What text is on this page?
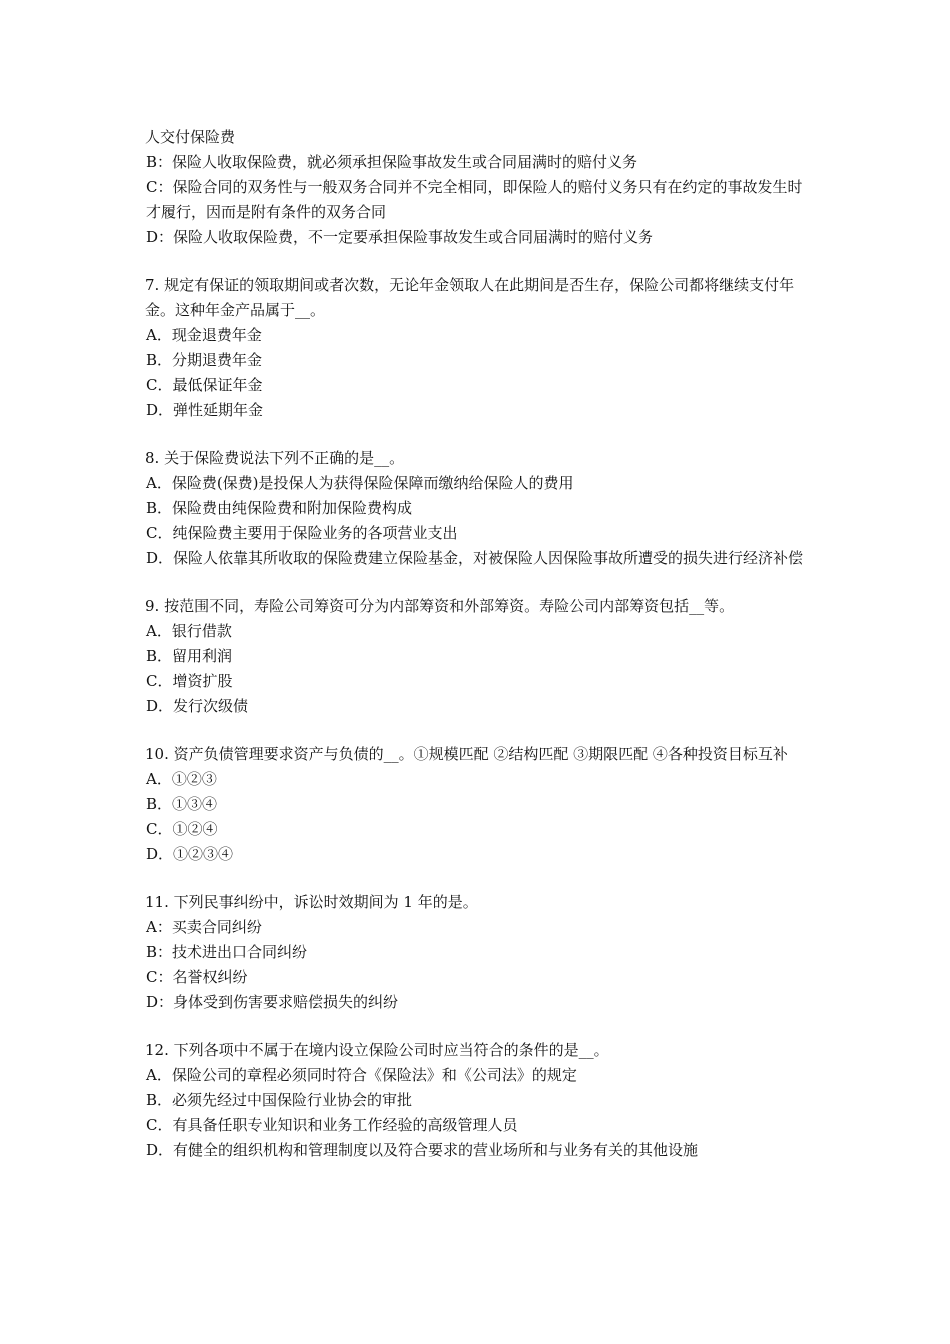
人交付保险费
B：保险人收取保险费，就必须承担保险事故发生或合同届满时的赔付义务
C：保险合同的双务性与一般双务合同并不完全相同，即保险人的赔付义务只有在约定的事故发生时才履行，因而是附有条件的双务合同
D：保险人收取保险费，不一定要承担保险事故发生或合同届满时的赔付义务
7. 规定有保证的领取期间或者次数，无论年金领取人在此期间是否生存，保险公司都将继续支付年金。这种年金产品属于__。
A．现金退费年金
B．分期退费年金
C．最低保证年金
D．弹性延期年金
8. 关于保险费说法下列不正确的是__。
A．保险费(保费)是投保人为获得保险保障而缴纳给保险人的费用
B．保险费由纯保险费和附加保险费构成
C．纯保险费主要用于保险业务的各项营业支出
D．保险人依靠其所收取的保险费建立保险基金，对被保险人因保险事故所遭受的损失进行经济补偿
9. 按范围不同，寿险公司筹资可分为内部筹资和外部筹资。寿险公司内部筹资包括__等。
A．银行借款
B．留用利润
C．增资扩股
D．发行次级债
10. 资产负债管理要求资产与负债的__。①规模匹配 ②结构匹配 ③期限匹配 ④各种投资目标互补
A．①②③
B．①③④
C．①②④
D．①②③④
11. 下列民事纠纷中，诉讼时效期间为 1 年的是。
A：买卖合同纠纷
B：技术进出口合同纠纷
C：名誉权纠纷
D：身体受到伤害要求赔偿损失的纠纷
12. 下列各项中不属于在境内设立保险公司时应当符合的条件的是__。
A．保险公司的章程必须同时符合《保险法》和《公司法》的规定
B．必须先经过中国保险行业协会的审批
C．有具备任职专业知识和业务工作经验的高级管理人员
D．有健全的组织机构和管理制度以及符合要求的营业场所和与业务有关的其他设施
